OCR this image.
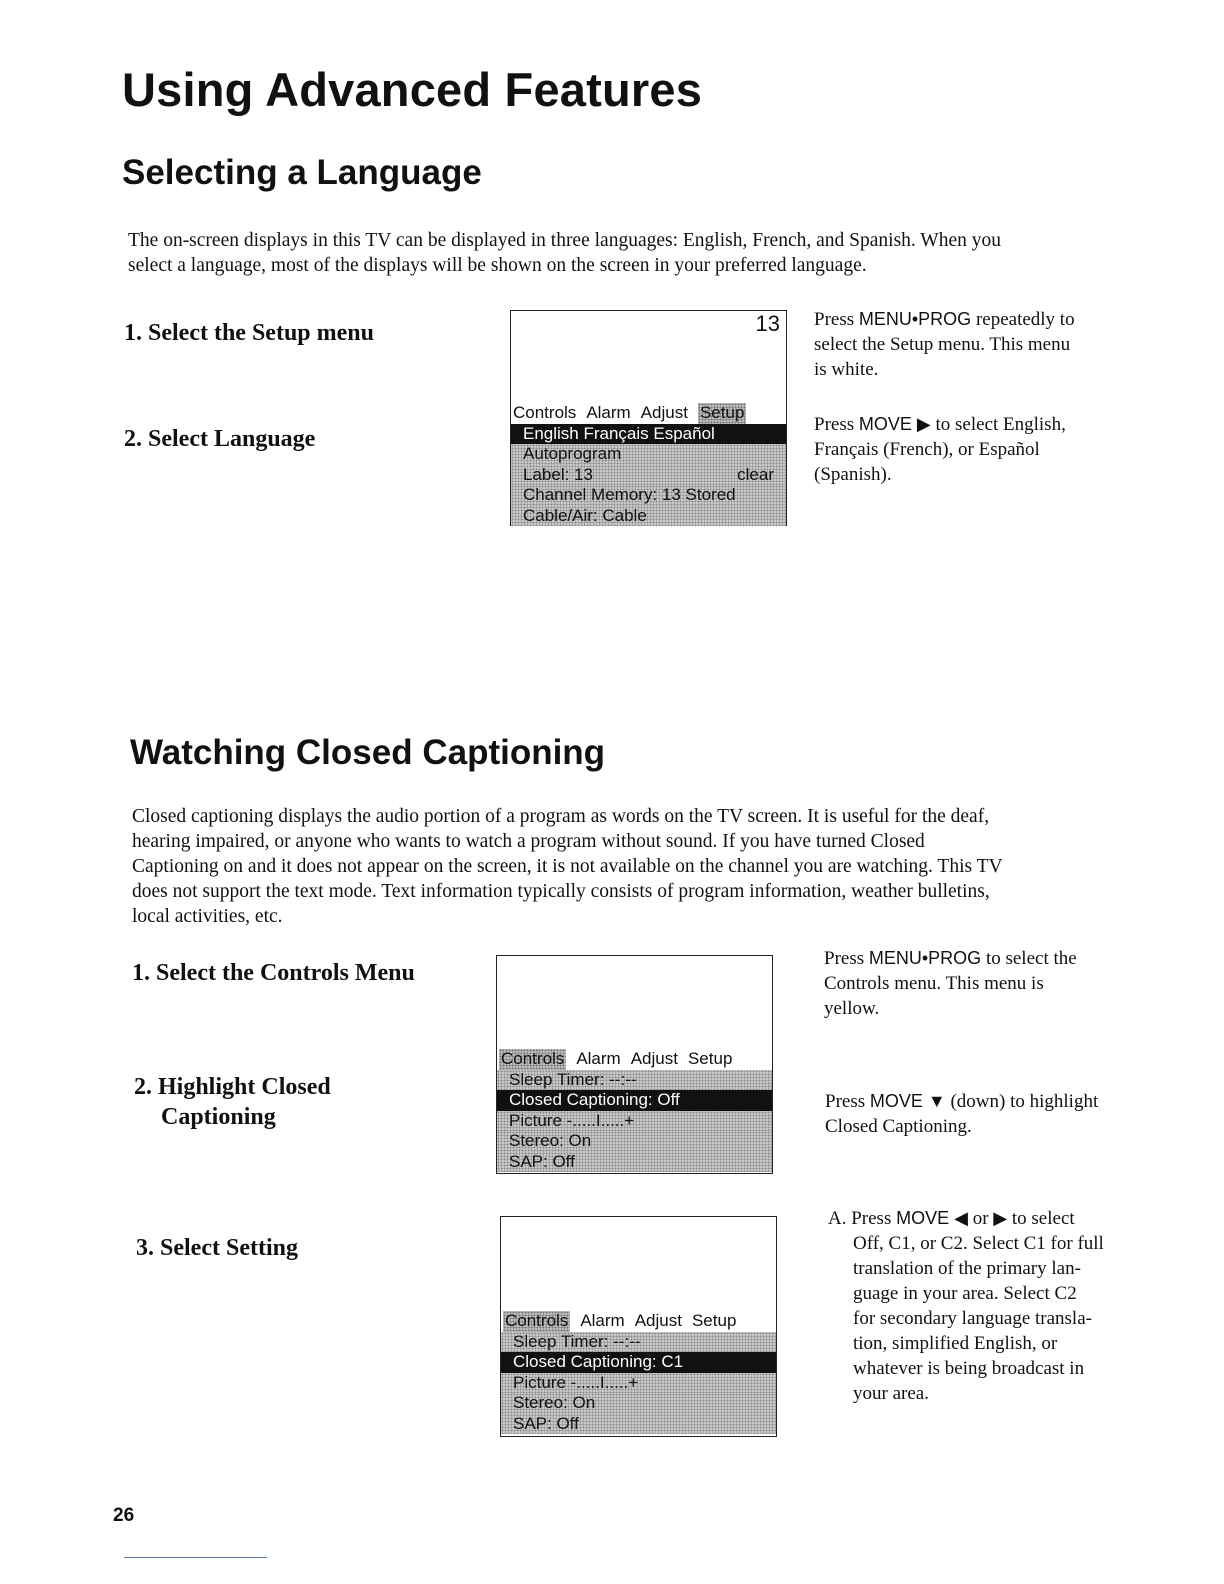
Using Advanced Features
Selecting a Language

The on-screen displays in this TV can be displayed in three languages: English, French, and Spanish. When you

select a language, most of the displays will be shown on the screen in your preferred language.

1. Select the Setup menu

2. Select Language

13
Controls Alarm Adjust Setup
English Français Español
Autoprogram
Label: 13	clear
Channel Memory: 13 Stored
Cable/Air: Cable

Press MENU•PROG repeatedly to

select the Setup menu. This menu

is white.

Press MOVE ▶ to select English,

Français (French), or Español

(Spanish).

Watching Closed Captioning

Closed captioning displays the audio portion of a program as words on the TV screen. It is useful for the deaf,

hearing impaired, or anyone who wants to watch a program without sound. If you have turned Closed

Captioning on and it does not appear on the screen, it is not available on the channel you are watching. This TV

does not support the text mode. Text information typically consists of program information, weather bulletins,

local activities, etc.

1. Select the Controls Menu

2. Highlight Closed

Captioning

3. Select Setting

Controls Alarm Adjust Setup
Sleep Timer: --:--
Closed Captioning: Off
Picture -.....I.....+
Stereo: On
SAP: Off
Controls Alarm Adjust Setup
Sleep Timer: --:--
Closed Captioning: C1
Picture -.....I.....+
Stereo: On
SAP: Off

Press MENU•PROG to select the

Controls menu. This menu is

yellow.

Press MOVE ▼ (down) to highlight

Closed Captioning.

A. Press MOVE ◀ or ▶ to select

Off, C1, or C2. Select C1 for full

translation of the primary lan-

guage in your area. Select C2

for secondary language transla-

tion, simplified English, or

whatever is being broadcast in

your area.

26
